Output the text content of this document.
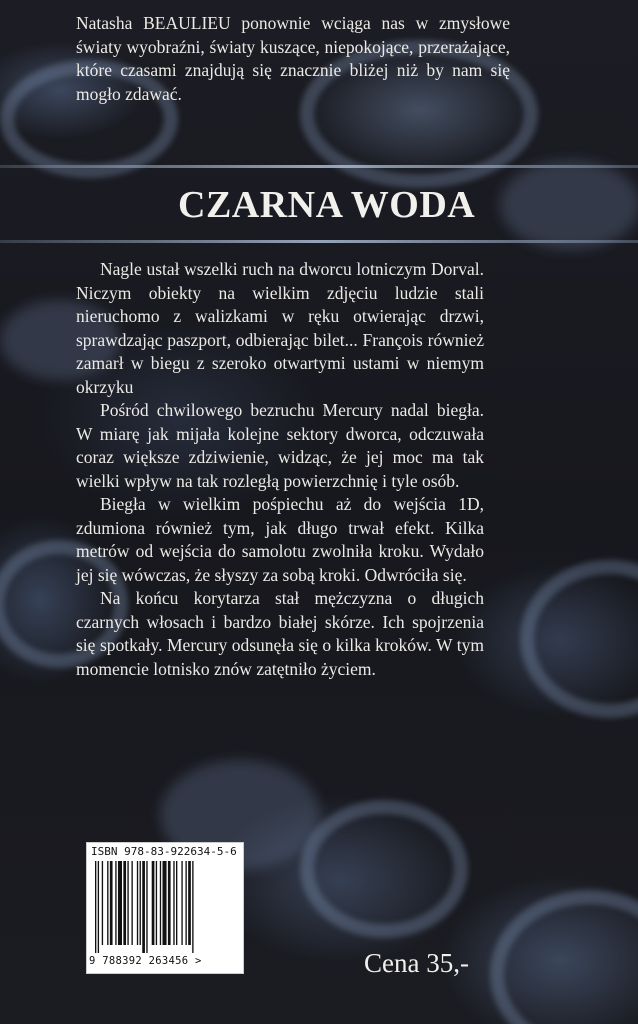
Natasha BEAULIEU ponownie wciąga nas w zmysłowe światy wyobraźni, światy kuszące, niepokojące, przerażające, które czasami znajdują się znacznie bliżej niż by nam się mogło zdawać.

CZARNA WODA

Nagle ustał wszelki ruch na dworcu lotniczym Dorval. Niczym obiekty na wielkim zdjęciu ludzie stali nieruchomo z walizkami w ręku otwierając drzwi, sprawdzając paszport, odbierając bilet... François również zamarł w biegu z szeroko otwartymi ustami w niemym okrzyku

Pośród chwilowego bezruchu Mercury nadal biegła. W miarę jak mijała kolejne sektory dworca, odczuwała coraz większe zdziwienie, widząc, że jej moc ma tak wielki wpływ na tak rozległą powierzchnię i tyle osób.

Biegła w wielkim pośpiechu aż do wejścia 1D, zdumiona również tym, jak długo trwał efekt. Kilka metrów od wejścia do samolotu zwolniła kroku. Wydało jej się wówczas, że słyszy za sobą kroki. Odwróciła się.

Na końcu korytarza stał mężczyzna o długich czarnych włosach i bardzo białej skórze. Ich spojrzenia się spotkały. Mercury odsunęła się o kilka kroków. W tym momencie lotnisko znów zatętniło życiem.

ISBN 978-83-922634-5-6
9 788392 263456 >	Cena 35,-
